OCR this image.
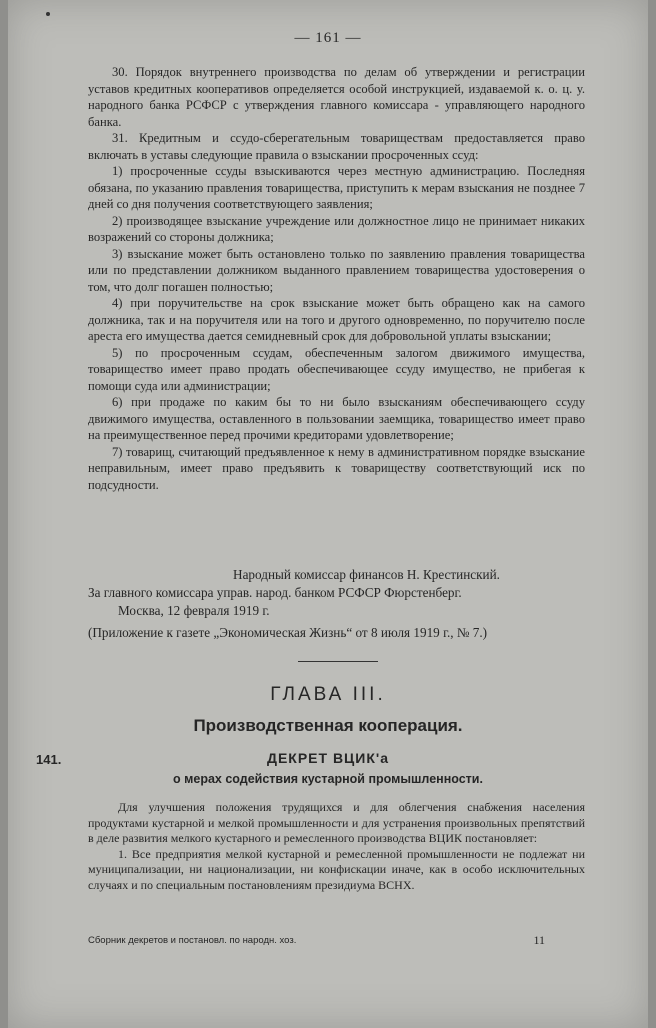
— 161 —

30. Порядок внутреннего производства по делам об утверждении и регистрации уставов кредитных кооперативов определяется особой инструкцией, издаваемой к. о. ц. у. народного банка РСФСР с утверждения главного комиссара - управляющего народного банка.

31. Кредитным и ссудо-сберегательным товариществам предоставляется право включать в уставы следующие правила о взыскании просроченных ссуд:

1) просроченные ссуды взыскиваются через местную администрацию. Последняя обязана, по указанию правления товарищества, приступить к мерам взыскания не позднее 7 дней со дня получения соответствующего заявления;

2) производящее взыскание учреждение или должностное лицо не принимает никаких возражений со стороны должника;

3) взыскание может быть остановлено только по заявлению правления товарищества или по представлении должником выданного правлением товарищества удостоверения о том, что долг погашен полностью;

4) при поручительстве на срок взыскание может быть обращено как на самого должника, так и на поручителя или на того и другого одновременно, по поручителю после ареста его имущества дается семидневный срок для добровольной уплаты взыскании;

5) по просроченным ссудам, обеспеченным залогом движимого имущества, товарищество имеет право продать обеспечивающее ссуду имущество, не прибегая к помощи суда или администрации;

6) при продаже по каким бы то ни было взысканиям обеспечивающего ссуду движимого имущества, оставленного в пользовании заемщика, товарищество имеет право на преимущественное перед прочими кредиторами удовлетворение;

7) товарищ, считающий предъявленное к нему в административном порядке взыскание неправильным, имеет право предъявить к товариществу соответствующий иск по подсудности.

Народный комиссар финансов Н. Крестинский.
За главного комиссара управ. народ. банком РСФСР Фюрстенберг.
Москва, 12 февраля 1919 г.
(Приложение к газете „Экономическая Жизнь“ от 8 июля 1919 г., № 7.)
ГЛАВА III.
Производственная кооперация.
141.	ДЕКРЕТ ВЦИК'а
о мерах содействия кустарной промышленности.

Для улучшения положения трудящихся и для облегчения снабжения населения продуктами кустарной и мелкой промышленности и для устранения произвольных препятствий в деле развития мелкого кустарного и ремесленного производства ВЦИК постановляет:

1. Все предприятия мелкой кустарной и ремесленной промышленности не подлежат ни муниципализации, ни национализации, ни конфискации иначе, как в особо исключительных случаях и по специальным постановлениям президиума ВСНХ.

Сборник декретов и постановл. по народн. хоз.	11
